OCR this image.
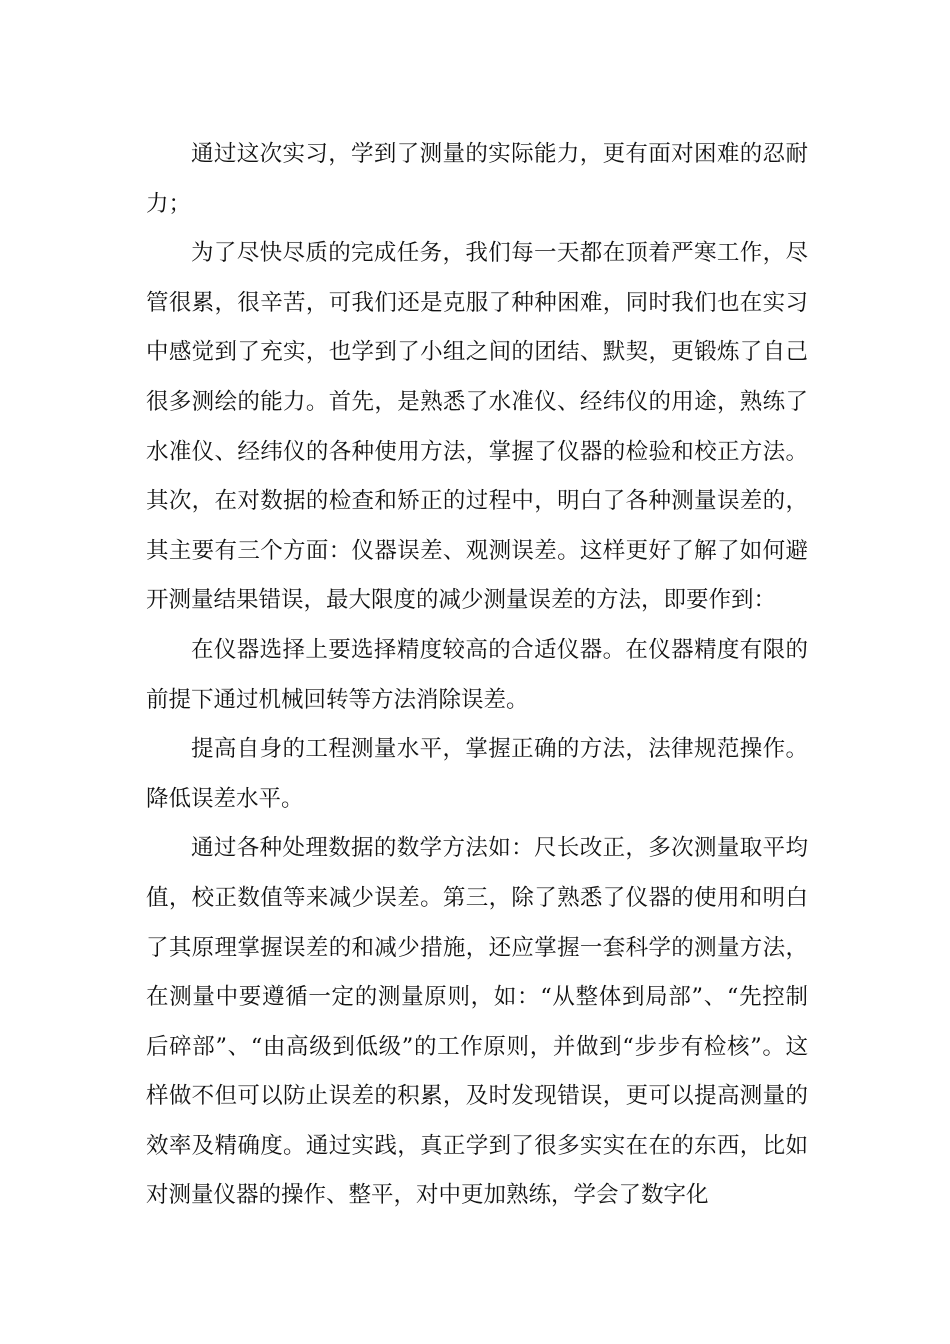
通过这次实习，学到了测量的实际能力，更有面对困难的忍耐力；

为了尽快尽质的完成任务，我们每一天都在顶着严寒工作，尽管很累，很辛苦，可我们还是克服了种种困难，同时我们也在实习中感觉到了充实，也学到了小组之间的团结、默契，更锻炼了自己很多测绘的能力。首先，是熟悉了水准仪、经纬仪的用途，熟练了水准仪、经纬仪的各种使用方法，掌握了仪器的检验和校正方法。其次，在对数据的检查和矫正的过程中，明白了各种测量误差的，其主要有三个方面：仪器误差、观测误差。这样更好了解了如何避开测量结果错误，最大限度的减少测量误差的方法，即要作到：

在仪器选择上要选择精度较高的合适仪器。在仪器精度有限的前提下通过机械回转等方法消除误差。

提高自身的工程测量水平，掌握正确的方法，法律规范操作。降低误差水平。

通过各种处理数据的数学方法如：尺长改正，多次测量取平均值，校正数值等来减少误差。第三，除了熟悉了仪器的使用和明白了其原理掌握误差的和减少措施，还应掌握一套科学的测量方法，在测量中要遵循一定的测量原则，如：“从整体到局部”、“先控制后碎部”、“由高级到低级”的工作原则，并做到“步步有检核”。这样做不但可以防止误差的积累，及时发现错误，更可以提高测量的效率及精确度。通过实践，真正学到了很多实实在在的东西，比如对测量仪器的操作、整平，对中更加熟练，学会了数字化
